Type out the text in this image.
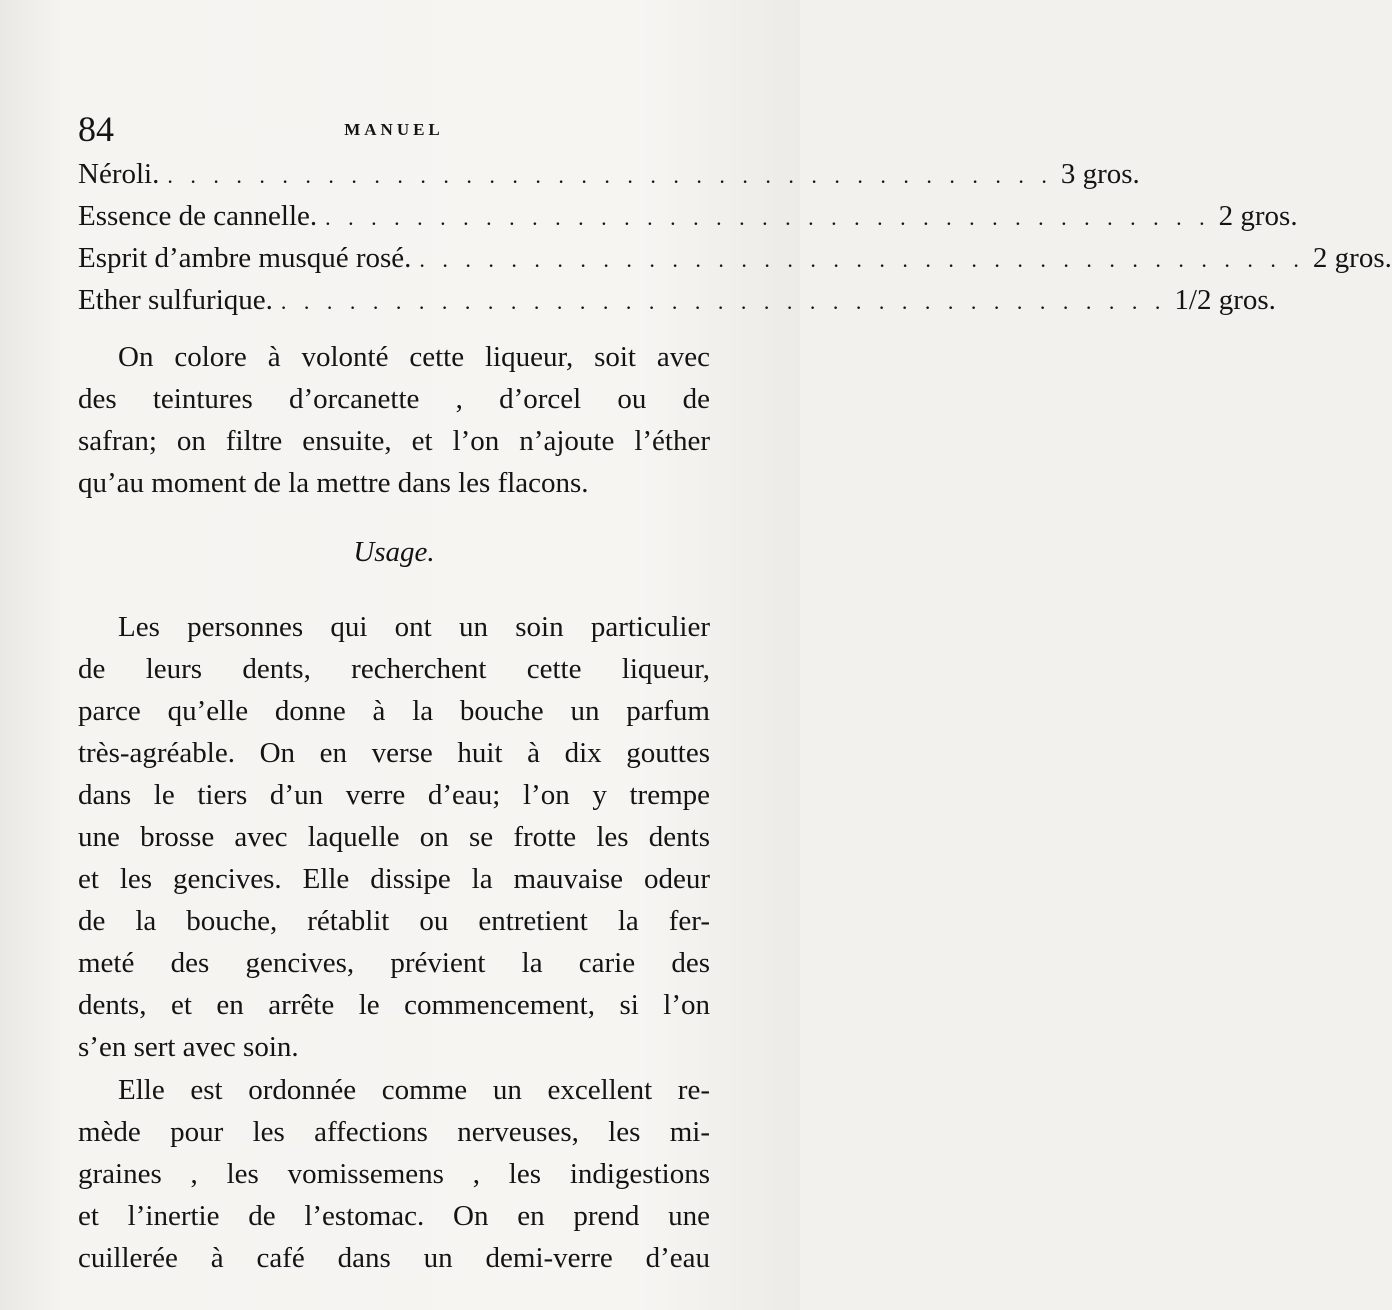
84	MANUEL
Néroli. . . . . . . . . . . . . . . . . . . . . . . . . . . . . . . . . . . . . . . . 3 gros.
Essence de cannelle. . . . . . . . . . . . . . . . . . . . . . . . . . . . . . . . . . . . . . . . 2 gros.
Esprit d’ambre musqué rosé. . . . . . . . . . . . . . . . . . . . . . . . . . . . . . . . . . . . . . . . 2 gros.
Ether sulfurique. . . . . . . . . . . . . . . . . . . . . . . . . . . . . . . . . . . . . . . . 1/2 gros.
On colore à volonté cette liqueur, soit avec
des teintures d’orcanette , d’orcel ou de
safran; on filtre ensuite, et l’on n’ajoute l’éther
qu’au moment de la mettre dans les flacons.
Usage.
Les personnes qui ont un soin particulier
de leurs dents, recherchent cette liqueur,
parce qu’elle donne à la bouche un parfum
très-agréable. On en verse huit à dix gouttes
dans le tiers d’un verre d’eau; l’on y trempe
une brosse avec laquelle on se frotte les dents
et les gencives. Elle dissipe la mauvaise odeur
de la bouche, rétablit ou entretient la fer-
meté des gencives, prévient la carie des
dents, et en arrête le commencement, si l’on
s’en sert avec soin.
Elle est ordonnée comme un excellent re-
mède pour les affections nerveuses, les mi-
graines , les vomissemens , les indigestions
et l’inertie de l’estomac. On en prend une
cuillerée à café dans un demi-verre d’eau
